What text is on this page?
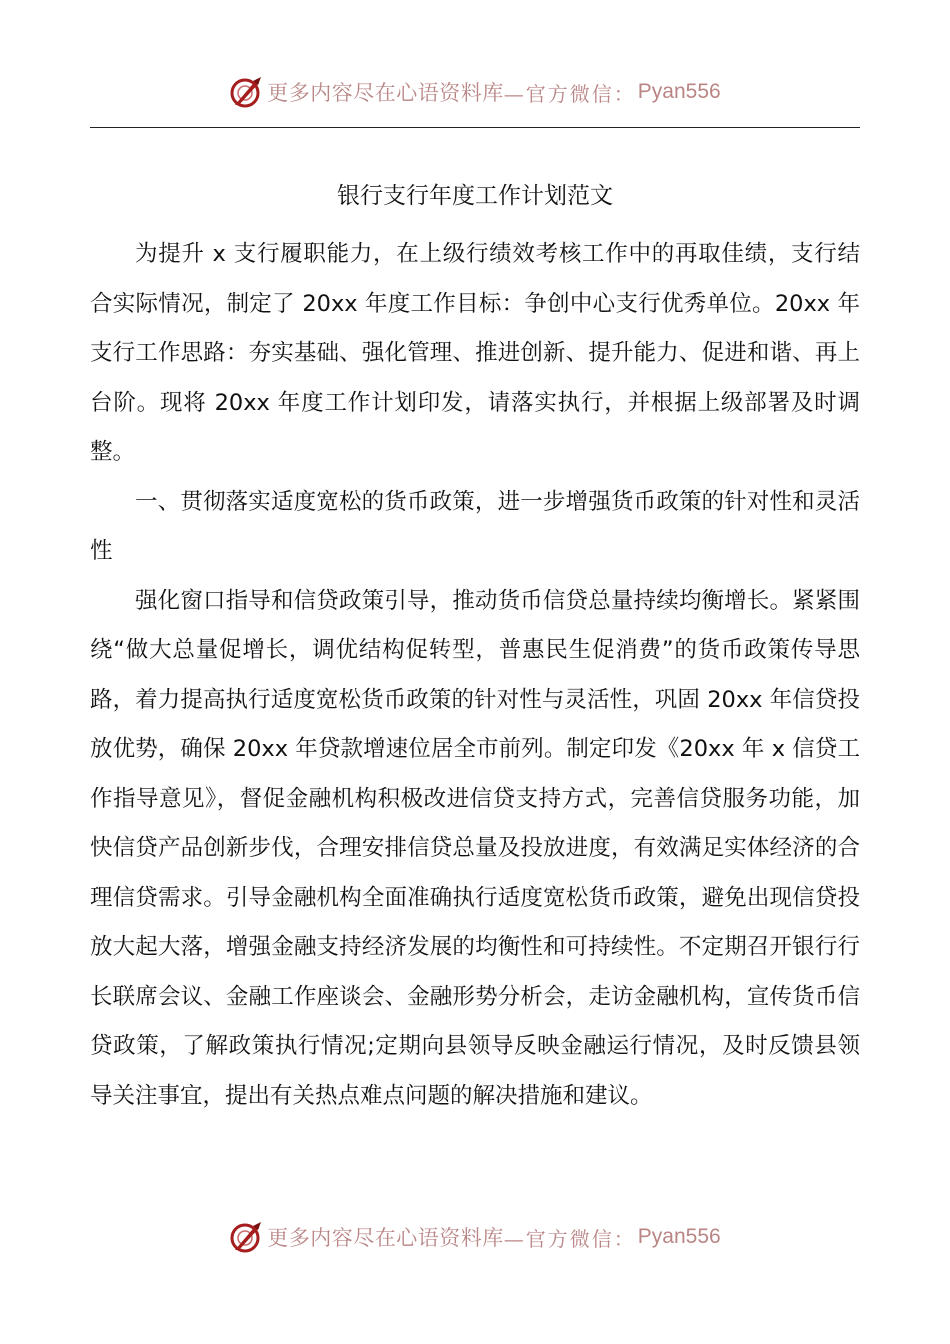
更多内容尽在心语资料库 —官方微信： Pyan556
银行支行年度工作计划范文

为提升 x 支行履职能力，在上级行绩效考核工作中的再取佳绩，支行结合实际情况，制定了 20xx 年度工作目标：争创中心支行优秀单位。20xx 年支行工作思路：夯实基础、强化管理、推进创新、提升能力、促进和谐、再上台阶。现将 20xx 年度工作计划印发，请落实执行，并根据上级部署及时调整。

一、贯彻落实适度宽松的货币政策，进一步增强货币政策的针对性和灵活性

强化窗口指导和信贷政策引导，推动货币信贷总量持续均衡增长。紧紧围绕“做大总量促增长，调优结构促转型，普惠民生促消费”的货币政策传导思路，着力提高执行适度宽松货币政策的针对性与灵活性，巩固 20xx 年信贷投放优势，确保 20xx 年贷款增速位居全市前列。制定印发《20xx 年 x 信贷工作指导意见》，督促金融机构积极改进信贷支持方式，完善信贷服务功能，加快信贷产品创新步伐，合理安排信贷总量及投放进度，有效满足实体经济的合理信贷需求。引导金融机构全面准确执行适度宽松货币政策，避免出现信贷投放大起大落，增强金融支持经济发展的均衡性和可持续性。不定期召开银行行长联席会议、金融工作座谈会、金融形势分析会，走访金融机构，宣传货币信贷政策，了解政策执行情况;定期向县领导反映金融运行情况，及时反馈县领导关注事宜，提出有关热点难点问题的解决措施和建议。

更多内容尽在心语资料库 —官方微信： Pyan556
